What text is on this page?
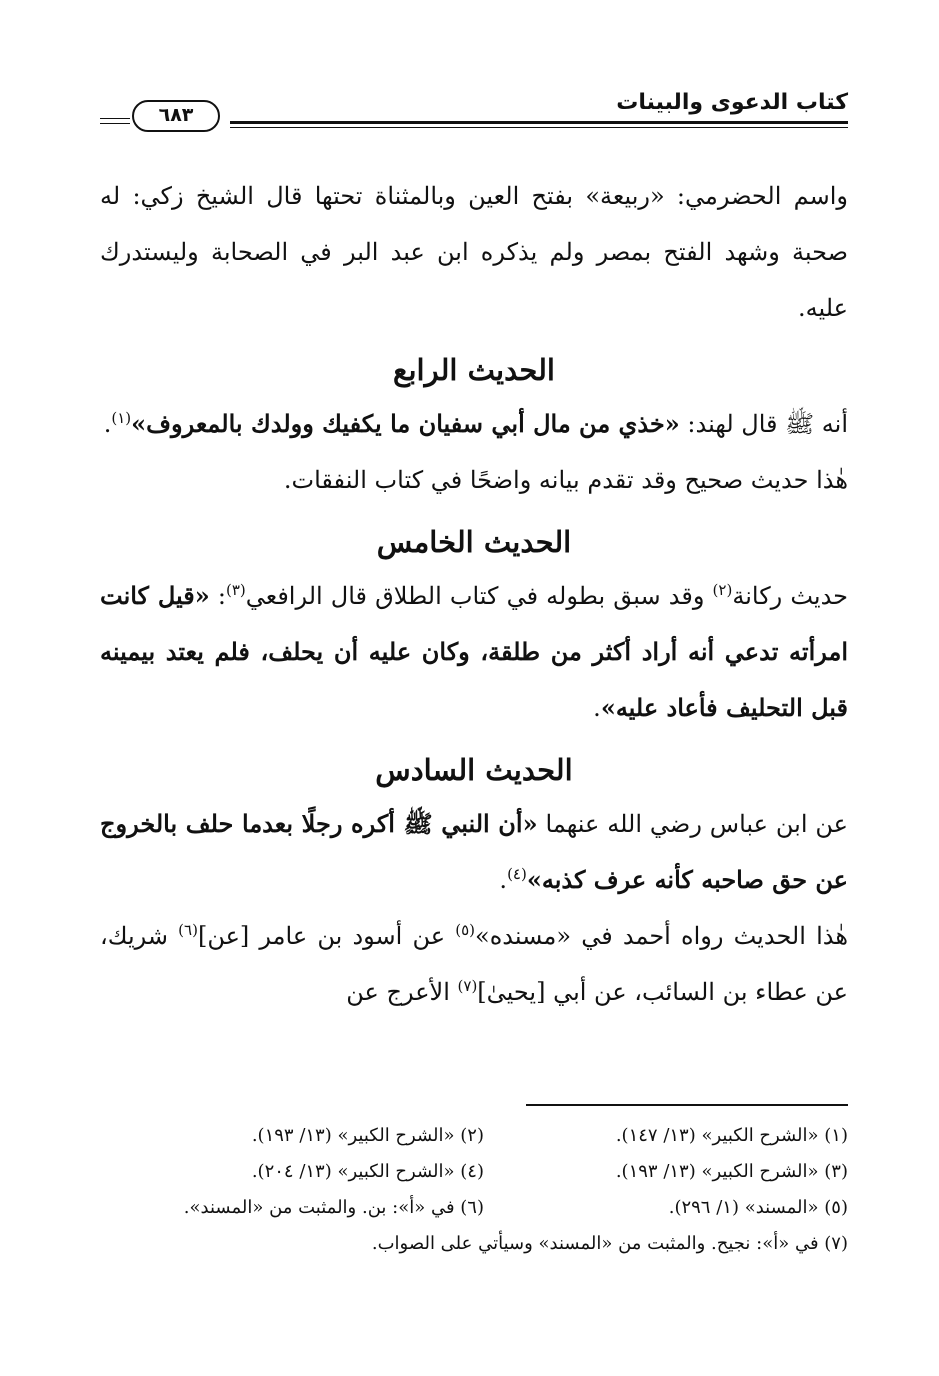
كتاب الدعوى والبينات
٦٨٣

واسم الحضرمي: «ربيعة» بفتح العين وبالمثناة تحتها قال الشيخ زكي: له صحبة وشهد الفتح بمصر ولم يذكره ابن عبد البر في الصحابة وليستدرك عليه.

الحديث الرابع

أنه ﷺ قال لهند: «خذي من مال أبي سفيان ما يكفيك وولدك بالمعروف»$^{(١)}$.

هٰذا حديث صحيح وقد تقدم بيانه واضحًا في كتاب النفقات.

الحديث الخامس

حديث ركانة$^{(٢)}$ وقد سبق بطوله في كتاب الطلاق قال الرافعي$^{(٣)}$: «قيل كانت امرأته تدعي أنه أراد أكثر من طلقة، وكان عليه أن يحلف، فلم يعتد بيمينه قبل التحليف فأعاد عليه».

الحديث السادس

عن ابن عباس رضي الله عنهما «أن النبي ﷺ أكره رجلًا بعدما حلف بالخروج عن حق صاحبه كأنه عرف كذبه»$^{(٤)}$.

هٰذا الحديث رواه أحمد في «مسنده»$^{(٥)}$ عن أسود بن عامر [عن]$^{(٦)}$ شريك، عن عطاء بن السائب، عن أبي [يحيىٰ]$^{(٧)}$ الأعرج عن

(١) «الشرح الكبير» (١٣/ ١٤٧).
(٢) «الشرح الكبير» (١٣/ ١٩٣).
(٣) «الشرح الكبير» (١٣/ ١٩٣).
(٤) «الشرح الكبير» (١٣/ ٢٠٤).
(٥) «المسند» (١/ ٢٩٦).
(٦) في «أ»: بن. والمثبت من «المسند».
(٧) في «أ»: نجيح. والمثبت من «المسند» وسيأتي على الصواب.
